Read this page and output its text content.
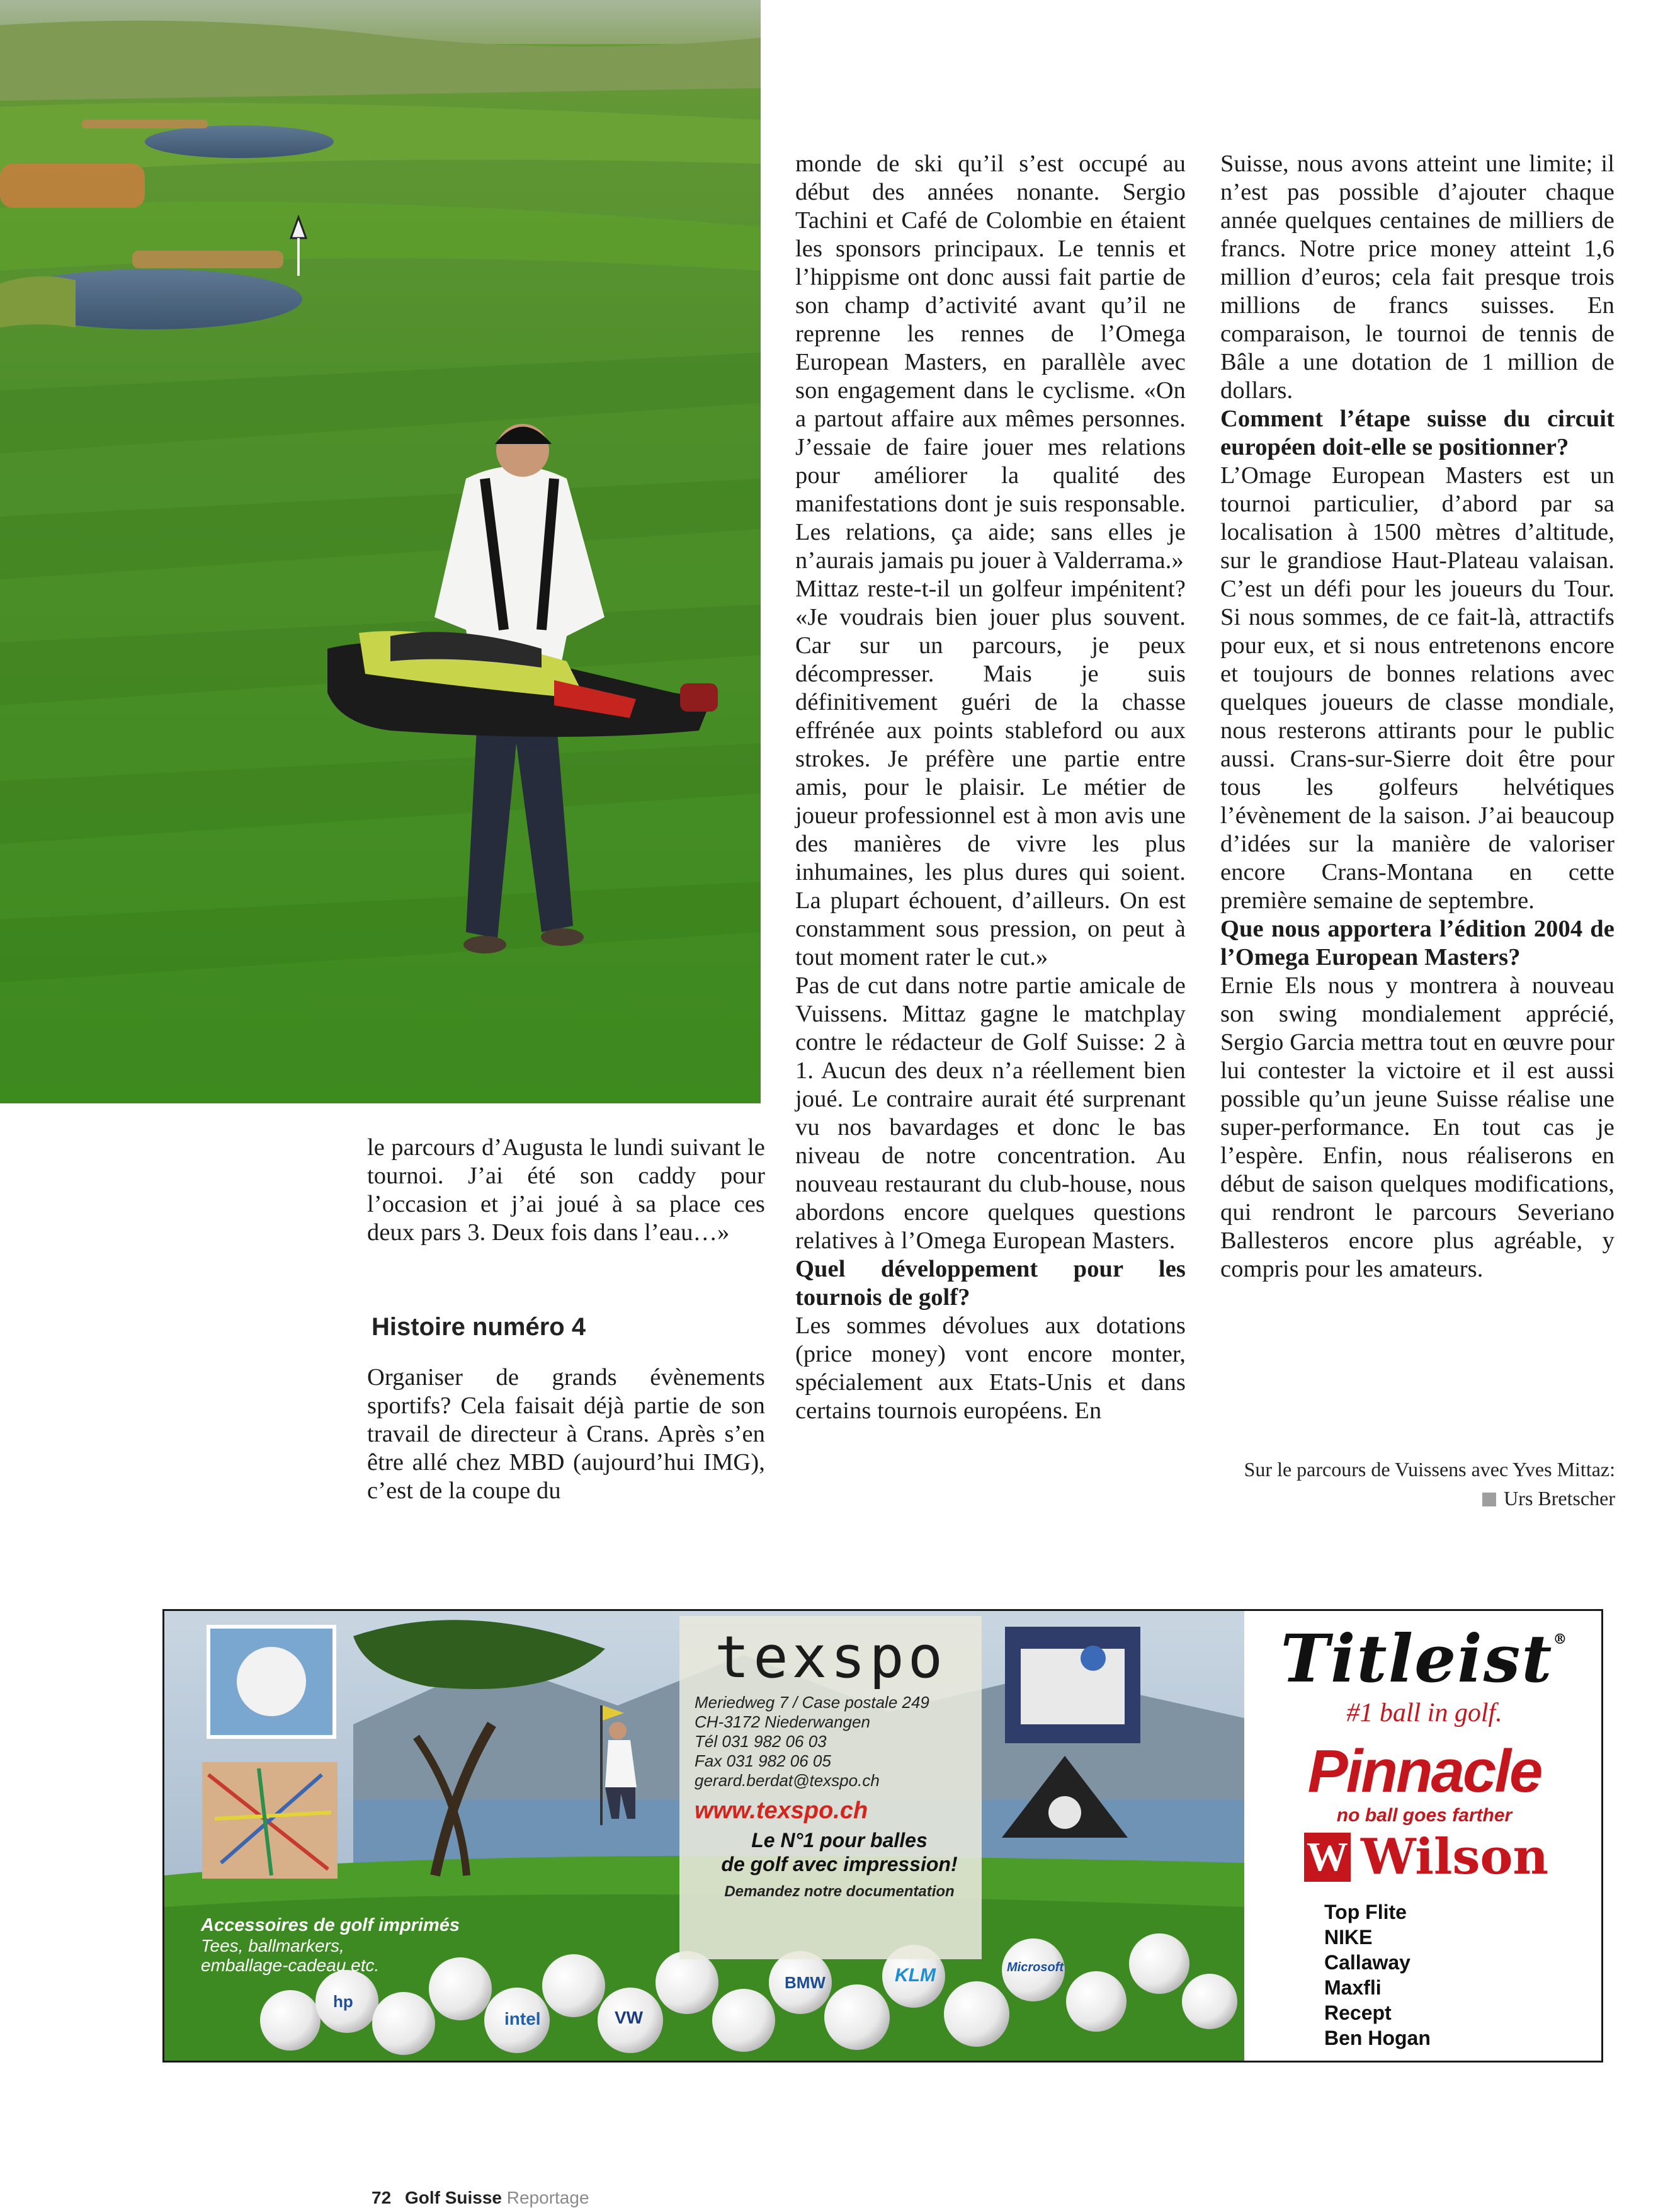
le parcours d’Augusta le lundi suivant le tournoi. J’ai été son caddy pour l’occasion et j’ai joué à sa place ces deux pars 3. Deux fois dans l’eau…»

Histoire numéro 4

Organiser de grands évènements sportifs? Cela faisait déjà partie de son travail de directeur à Crans. Après s’en être allé chez MBD (aujourd’hui IMG), c’est de la coupe du

monde de ski qu’il s’est occupé au début des années nonante. Sergio Tachini et Café de Colombie en étaient les sponsors principaux. Le tennis et l’hippisme ont donc aussi fait partie de son champ d’activité avant qu’il ne reprenne les rennes de l’Omega European Masters, en parallèle avec son engagement dans le cyclisme. «On a partout affaire aux mêmes personnes. J’essaie de faire jouer mes relations pour améliorer la qualité des manifestations dont je suis responsable. Les relations, ça aide; sans elles je n’aurais jamais pu jouer à Valderrama.»

Mittaz reste-t-il un golfeur impénitent? «Je voudrais bien jouer plus souvent. Car sur un parcours, je peux décompresser. Mais je suis définitivement guéri de la chasse effrénée aux points stableford ou aux strokes. Je préfère une partie entre amis, pour le plaisir. Le métier de joueur professionnel est à mon avis une des manières de vivre les plus inhumaines, les plus dures qui soient. La plupart échouent, d’ailleurs. On est constamment sous pression, on peut à tout moment rater le cut.»

Pas de cut dans notre partie amicale de Vuissens. Mittaz gagne le matchplay contre le rédacteur de Golf Suisse: 2 à 1. Aucun des deux n’a réellement bien joué. Le contraire aurait été surprenant vu nos bavardages et donc le bas niveau de notre concentration. Au nouveau restaurant du club-house, nous abordons encore quelques questions relatives à l’Omega European Masters.

Quel développement pour les tournois de golf?

Les sommes dévolues aux dotations (price money) vont encore monter, spécialement aux Etats-Unis et dans certains tournois européens. En

Suisse, nous avons atteint une limite; il n’est pas possible d’ajouter chaque année quelques centaines de milliers de francs. Notre price money atteint 1,6 million d’euros; cela fait presque trois millions de francs suisses. En comparaison, le tournoi de tennis de Bâle a une dotation de 1 million de dollars.

Comment l’étape suisse du circuit européen doit-elle se positionner?

L’Omage European Masters est un tournoi particulier, d’abord par sa localisation à 1500 mètres d’altitude, sur le grandiose Haut-Plateau valaisan. C’est un défi pour les joueurs du Tour. Si nous sommes, de ce fait-là, attractifs pour eux, et si nous entretenons encore et toujours de bonnes relations avec quelques joueurs de classe mondiale, nous resterons attirants pour le public aussi. Crans-sur-Sierre doit être pour tous les golfeurs helvétiques l’évènement de la saison. J’ai beaucoup d’idées sur la manière de valoriser encore Crans-Montana en cette première semaine de septembre.

Que nous apportera l’édition 2004 de l’Omega European Masters?

Ernie Els nous y montrera à nouveau son swing mondialement apprécié, Sergio Garcia mettra tout en œuvre pour lui contester la victoire et il est aussi possible qu’un jeune Suisse réalise une super-performance. En tout cas je l’espère. Enfin, nous réaliserons en début de saison quelques modifications, qui rendront le parcours Severiano Ballesteros encore plus agréable, y compris pour les amateurs.

Sur le parcours de Vuissens avec Yves Mittaz:
Urs Bretscher
hp
intel	VW
BMW	KLM	Microsoft
texspo
Meriedweg 7 / Case postale 249
CH-3172 Niederwangen
Tél 031 982 06 03
Fax 031 982 06 05
gerard.berdat@texspo.ch
www.texspo.ch
Le N°1 pour balles
de golf avec impression!
Demandez notre documentation
Accessoires de golf imprimés
Tees, ballmarkers,
emballage-cadeau etc.
Titleist®
#1 ball in golf.
Pinnacle
no ball goes farther
W Wilson
Top Flite
NIKE
Callaway
Maxfli
Recept
Ben Hogan
72 Golf Suisse Reportage
